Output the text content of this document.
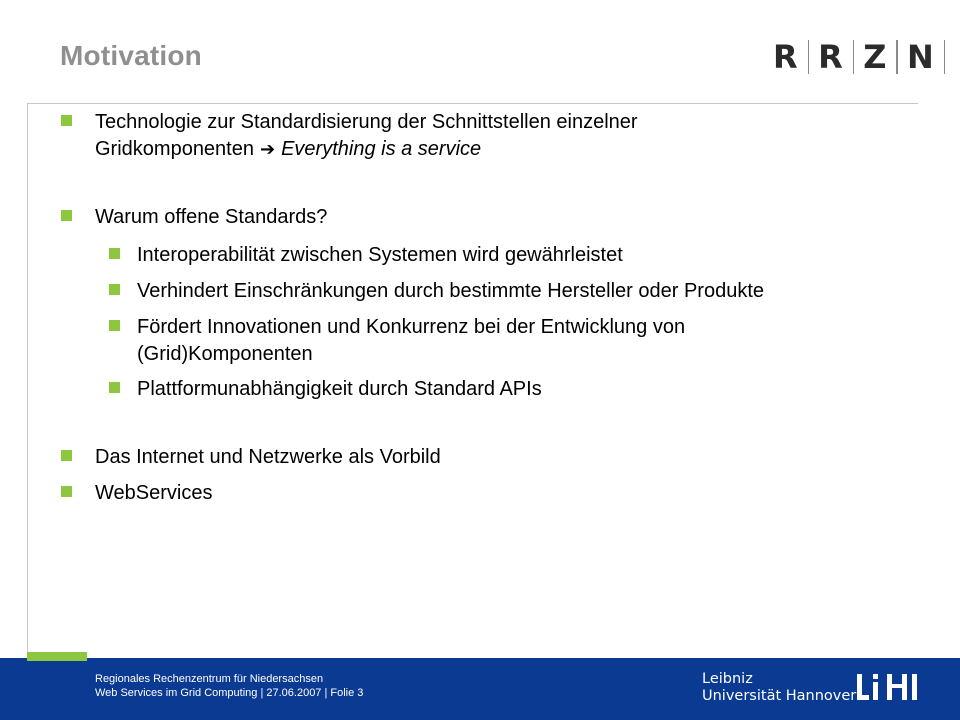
Motivation	R R Z N
Technologie zur Standardisierung der Schnittstellen einzelner
Gridkomponenten ➔ Everything is a service
Warum offene Standards?
Interoperabilität zwischen Systemen wird gewährleistet
Verhindert Einschränkungen durch bestimmte Hersteller oder Produkte
Fördert Innovationen und Konkurrenz bei der Entwicklung von
(Grid)Komponenten
Plattformunabhängigkeit durch Standard APIs
Das Internet und Netzwerke als Vorbild
WebServices
Regionales Rechenzentrum für Niedersachsen
Web Services im Grid Computing | 27.06.2007 | Folie 3
Leibniz
Universität Hannover
